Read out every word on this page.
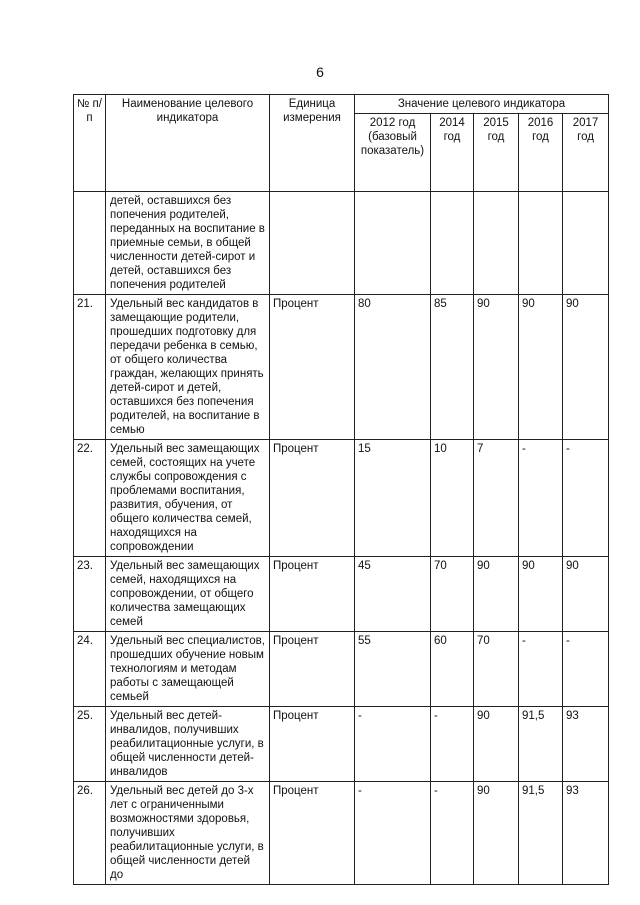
6
№ п/п	Наименование целевого индикатора	Единица измерения	Значение целевого индикатора				
			2012 год (базовый показатель)	2014 год	2015 год	2016 год	2017 год
	детей, оставшихся без попечения родителей, переданных на воспитание в приемные семьи, в общей численности детей-сирот и детей, оставшихся без попечения родителей						
21.	Удельный вес кандидатов в замещающие родители, прошедших подготовку для передачи ребенка в семью, от общего количества граждан, желающих принять детей-сирот и детей, оставшихся без попечения родителей, на воспитание в семью	Процент	80	85	90	90	90
22.	Удельный вес замещающих семей, состоящих на учете службы сопровождения с проблемами воспитания, развития, обучения, от общего количества семей, находящихся на сопровождении	Процент	15	10	7	-	-
23.	Удельный вес замещающих семей, находящихся на сопровождении, от общего количества замещающих семей	Процент	45	70	90	90	90
24.	Удельный вес специалистов, прошедших обучение новым технологиям и методам работы с замещающей семьей	Процент	55	60	70	-	-
25.	Удельный вес детей-инвалидов, получивших реабилитационные услуги, в общей численности детей-инвалидов	Процент	-	-	90	91,5	93
26.	Удельный вес детей до 3-х лет с ограниченными возможностями здоровья, получивших реабилитационные услуги, в общей численности детей до	Процент	-	-	90	91,5	93
